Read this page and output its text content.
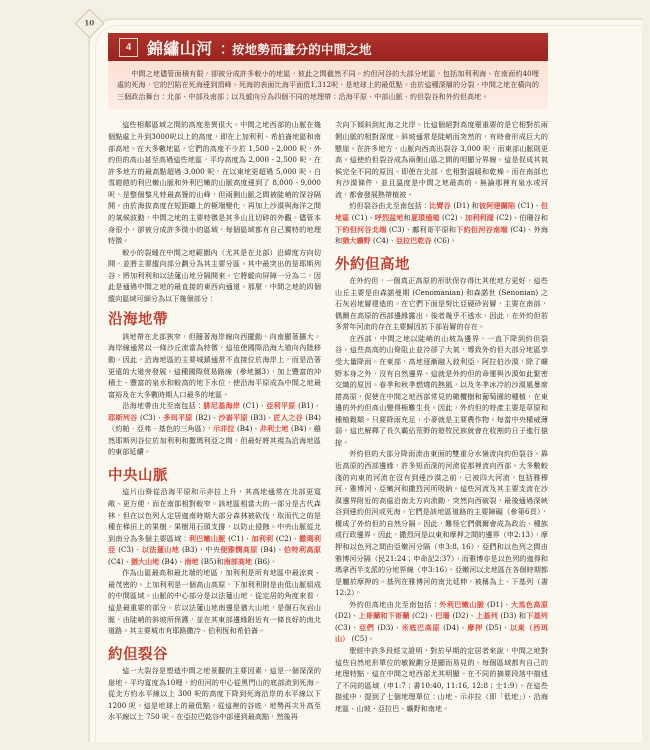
10
4 錦繡山河 ： 按地勢而畫分的中間之地
中間之地儘管面積有限，卻被分成許多較小的地區，彼此之間截然不同。約但河谷的大部分地區，包括加利利海、在南面約40哩處的死海，它的凹陷在死海達到頂峰。死海的表面比海平面低1,312呎，是地球上的最低點。由於這種深層的分裂，中間之地在橫向的三個政治舞台：北部、中部及南部；以及縱向分為四個不同的地理帶：沿海平原、中部山脈、約但裂谷和外約但高地。

這些相鄰區域之間的高度差異很大。中間之地西部的山脈在幾個點處上升到3000呎以上的高度，即在上加利利、希伯崙地區和南部高地。在大多數地區，它們的高度不少於 1,500 - 2,000 呎，外約但的高山甚至高過這些地區，平均高度為 2,000 - 2,500 呎，在許多地方的最高點超過 3,000 呎，在以東地更超過 5,000 呎。白雪皚皚的利巴嫩山脈和外利巴嫩的山脈高度達到了 8,000 - 9,000 呎，是整個黎凡特最高聳的山峰，但兩側山脈之間被陡峭的深谷隔開。由於海拔高度在短距離上的極端變化，再加上沙漠與海洋之間的氣候波動，中間之地的主要特徵是其多山且切碎的外觀。儘管本身很小，卻被分成許多微小的區域，每個區域都有自己獨特的地理特徵。

較小的裂縫在中間之地範圍內（尤其是在北部）沿緯度方向切開，並將主要縱向部分劃分為其主要分區。其中最突出的是耶斯列谷，將加利利和以法蓮山地分隔開來。它將縱向屏障一分為二，因此是通過中間之地的最直接的東西向通道。那麼，中間之地的四個縱向區域可細分為以下幾個部分：

沿海地帶

該地帶在北部狹窄，但隨著海岸線向西擺動，向南顯著擴大。海岸線通常以一條沙丘流當為特徵，這迫使國際沿海大道向內陸移動。因此，沿海地區的主要城鎮通常不直接位於海岸上，而是沿著更遠的大道旁發展。這種國際貿易路線（參地圖3），加上豐富的沖積土、豐富的泉水和較高的地下水位，使沿海平原成為中間之地最富裕及在大多數時期人口最多的地區。

沿海地帶由北至南包括：腓尼基海岸 (C1)、亞利平原 (B1)、耶斯列谷 (C3)、多珥平原 (B2)、沙崙平原 (B3)、匠人之谷 (B4)（約帕‧亞弗‧基色的三角區），示非拉 (B4)、非利士地 (B4)。雖然耶斯列谷位於加利利和撒瑪利亞之間，但最好將其視為沿海地區的東部延續。

中央山脈

這片山脊從沿海平原和示非拉上升，其高地通常在北部更寬敞、更方便，而在南部相對較窄。該地區相當大的一部分是古代森林，但在以色列人定居迦南時期大部分森林被砍伐，取而代之的是種在梯田上的果樹。果樹用石頭支撐，以防止侵蝕。中央山脈從北到南分為多個主要區域：利巴嫩山脈 (C1)、加利利 (C2)、撒瑪利亞 (C3)、以法蓮山地 (B3)、中央便雅憫高原 (B4)、伯特利高原 (C4)、猶大山地 (B4)、南地 (B5)和南部高地 (B6)。

作為山區最高和最北端的地區，加利利是所有地區中最涼爽、最茂密的。上加利利是一個高山高原，下加利利則是由低山脈組成的中間區域。山脈的中心部分是以法蓮山地，從定居的角度來看，這是最重要的部分。於以法蓮山地南邊是猶大山地，是個石灰岩山脈，由陡峭的斜坡所保護，並在其東部邊緣附近有一條良好的南北道路。其主要城市有耶路撒冷、伯利恆和希伯崙。

約但裂谷

這一大裂谷是塑造中間之地景觀的主要因素，這是一個深深的崖地。平均寬度為10哩，約但河的中心從黑門山的底部流到死海。從北方約水平線以上 300 呎的高度下降到死海沿岸的水平線以下 1200 呎。這是地球上的最低點。從這裡的谷底，地勢再次升高至水平線以上 750 呎。在亞拉巴乾谷中部達到最高點，然後再

次向下傾斜到紅海之北岸。比這個絕對高度還重要的是它相對於兩側山脈的相對深度。斜坡通常是陡峭而突然的，有時會形成巨大的懸崖。在許多地方，山脈向西高出裂谷 3,000 呎，而東部山脈則更高。這使約但裂谷成為兩側山區之間的明顯分界線。這是促成其氣候完全不同的原因。即使在北部，也相對溫暖和乾燥。而在南部也有沙漠條件，並且溫度是中間之地最高的。無論那裡有泉水或河流，都會發展熱帶植被。

約但裂谷由北至南包括：比臂谷 (D1) 和彼阿達關陷 (C1)、但地區 (C1)、呼烈盆地和夏瑣通道 (C2)、加利利湖 (C2)、伯珊谷和下約但河谷北端 (C3)、鄺利哥平原和下約但河谷南端 (C4)、外海和猶大曠野 (C4)、亞拉巴乾谷 (C6)。

外約但高地

在外約但，一個真正高原的形狀保存得比其他地方更好，這些山丘主要是由森諾曼期 (Cenomanian) 和森諾世 (Senonian) 之石灰岩地層建造的。在它們下面是努比亞硬砂岩層，主要在南部，偶爾在高原的西部邊緣露出。後者幾乎不透水，因此，在外約但若多常年河流的存在主要歸因於下部岩層的存在。

在西部，中間之地以陡峭的山坡為邊界，一直下降到約但裂谷。這些高高的山脊阻止並冷卻了大氣，導致外約但大部分地區享受大量降雨。在東部，高地逐漸融入敘利亞。阿拉伯沙漠，除了曠野本身之外，沒有自然邊界。這就是外約但的命運與沙漠如此緊密交織的原因。春季和秋季燃燒的熱風，以及冬季冰冷的沙漠風暴席捲高原，促使在中間之地西部常見的橄欖樹和葡萄園的種植，在東邊的外約但高山變得極難生長。因此，外約但的特產主要是草原和種植穀類。只要降雨充足，小麥就是主要農作物。每當中央權威薄弱，這也解釋了長久霸佔荒野的遊牧民族就會在收割的日子進行搶掠。

外約但的大部分降雨流由東面的雙重分水嶺流向約但裂谷。靠近高原的西部邊緣，許多短而深的河流從那裡流向西部。大多數較淺的向東的河流在沒有到達沙漠之前，已被四大河流，包括雅穆河、雅博河、亞嫩河和撒烈河所吸納。這些河流及其主要支流在沙漠邊界附近的高處沿南北方向流動，突然向西破裂，最後通過深峽谷到達約但河或死海。它們是該地區道路的主要障礙（參第6頁），構成了外約但的自然分隔。因此，難怪它們偶爾會成為政治、種族或行政邊界。因此，撒烈河是以東和摩押之間的邊界（申2:13），摩押和以色列之間由亞嫩河分隔（申3:8, 16），亞們和以色列之間由雅博河分隔（民21:24；申命記2:37），而雅博亦是以色列的迦得和瑪拿西半支派的分地界線（申3:16）。亞嫩河以北地區在各個時期都是屬於摩押的。基列在雅博河的南北延伸，被稱為上、下基列（書12:2）。

外約但高地由北至南包括：外利巴嫩山脈 (D1)、大馬色高原 (D2)、上哥蘭和下哥蘭 (C2)、巴珊 (D2)、上基列 (D3) 和下基列 (C3)、亞們 (D3)、米底巴高原 (D4)、摩押 (D5)、以東（西珥山） (C5)。

聖經中許多段經文證明，對於早期的定居者來說，中間之地對這些自然地形單位的敏銳劃分是顯而易見的。每個區域都有自己的地理特點，這在中間之地西部尤其明顯。在不同的摘要段落中描述了不同的區域（申1:7；書10:40, 11:16, 12:8；士1:9）。在這些描述中，提到了七個地理單位：山地、示非拉（即「低地」）、沿海地區、山坡、亞拉巴、曠野和南地。
